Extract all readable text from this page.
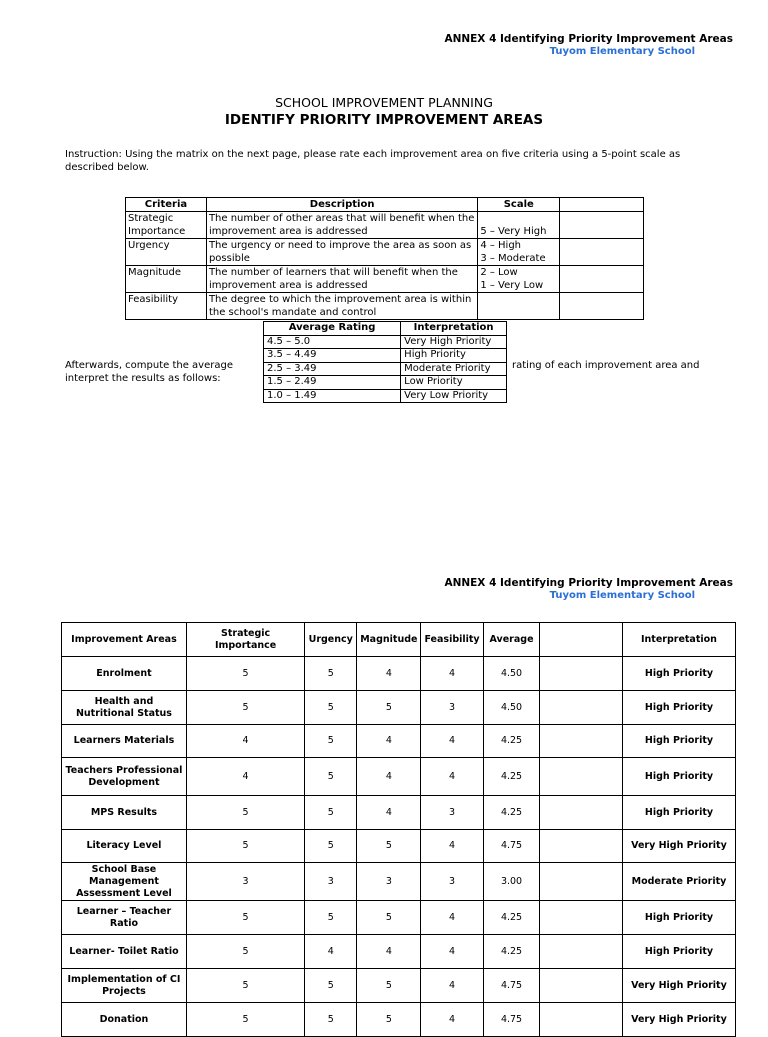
ANNEX 4 Identifying Priority Improvement Areas
Tuyom Elementary School
SCHOOL IMPROVEMENT PLANNING
IDENTIFY PRIORITY IMPROVEMENT AREAS
Instruction: Using the matrix on the next page, please rate each improvement area on five criteria using a 5-point scale as described below.
Criteria	Description	Scale	
Strategic Importance	The number of other areas that will benefit when the improvement area is addressed	5 – Very High	

Urgency	The urgency or need to improve the area as soon as possible	4 – High
3 – Moderate	

Magnitude	The number of learners that will benefit when the improvement area is addressed	2 – Low
1 – Very Low	

Feasibility	The degree to which the improvement area is within the school's mandate and control		
Afterwards, compute the average interpret the results as follows:
rating of each improvement area and
Average Rating	Interpretation
4.5 – 5.0	Very High Priority
3.5 – 4.49	High Priority
2.5 – 3.49	Moderate Priority
1.5 – 2.49	Low Priority
1.0 – 1.49	Very Low Priority
ANNEX 4 Identifying Priority Improvement Areas
Tuyom Elementary School
Improvement Areas	Strategic Importance	Urgency	Magnitude	Feasibility	Average		Interpretation
Enrolment	5	5	4	4	4.50		High Priority
Health and Nutritional Status	5	5	5	3	4.50		High Priority
Learners Materials	4	5	4	4	4.25		High Priority
Teachers Professional Development	4	5	4	4	4.25		High Priority
MPS Results	5	5	4	3	4.25		High Priority
Literacy Level	5	5	5	4	4.75		Very High Priority
School Base Management Assessment Level	3	3	3	3	3.00		Moderate Priority
Learner – Teacher Ratio	5	5	5	4	4.25		High Priority
Learner- Toilet Ratio	5	4	4	4	4.25		High Priority
Implementation of CI Projects	5	5	5	4	4.75		Very High Priority
Donation	5	5	5	4	4.75		Very High Priority
